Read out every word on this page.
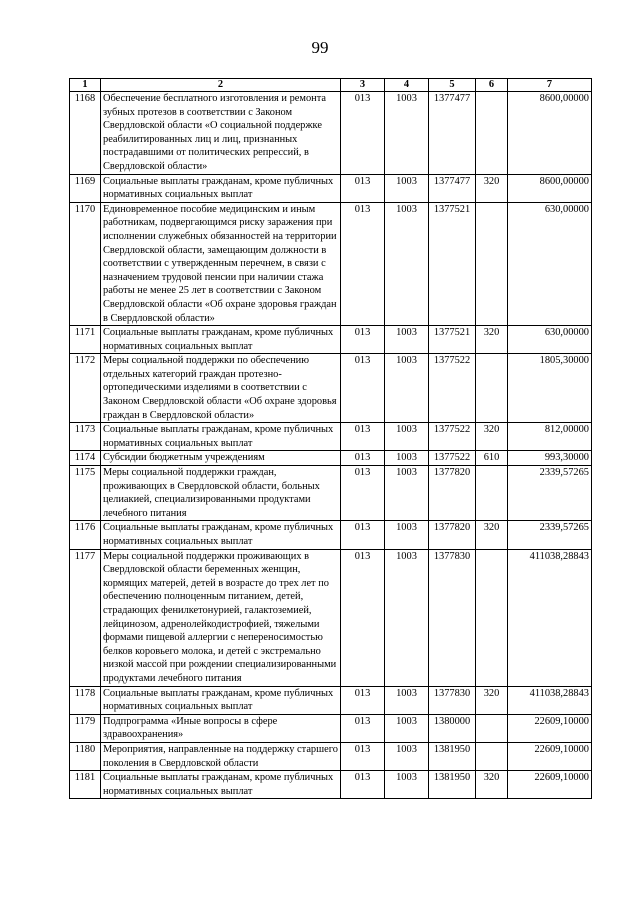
99
1	2	3	4	5	6	7
1168	Обеспечение бесплатного изготовления и ремонта зубных протезов в соответствии с Законом Свердловской области «О социальной поддержке реабилитированных лиц и лиц, признанных пострадавшими от политических репрессий, в Свердловской области»	013	1003	1377477		8600,00000
1169	Социальные выплаты гражданам, кроме публичных нормативных социальных выплат	013	1003	1377477	320	8600,00000
1170	Единовременное пособие медицинским и иным работникам, подвергающимся риску заражения при исполнении служебных обязанностей на территории Свердловской области, замещающим должности в соответствии с утвержденным перечнем, в связи с назначением трудовой пенсии при наличии стажа работы не менее 25 лет в соответствии с Законом Свердловской области «Об охране здоровья граждан в Свердловской области»	013	1003	1377521		630,00000
1171	Социальные выплаты гражданам, кроме публичных нормативных социальных выплат	013	1003	1377521	320	630,00000
1172	Меры социальной поддержки по обеспечению отдельных категорий граждан протезно-ортопедическими изделиями в соответствии с Законом Свердловской области «Об охране здоровья граждан в Свердловской области»	013	1003	1377522		1805,30000
1173	Социальные выплаты гражданам, кроме публичных нормативных социальных выплат	013	1003	1377522	320	812,00000
1174	Субсидии бюджетным учреждениям	013	1003	1377522	610	993,30000
1175	Меры социальной поддержки граждан, проживающих в Свердловской области, больных целиакией, специализированными продуктами лечебного питания	013	1003	1377820		2339,57265
1176	Социальные выплаты гражданам, кроме публичных нормативных социальных выплат	013	1003	1377820	320	2339,57265
1177	Меры социальной поддержки проживающих в Свердловской области беременных женщин, кормящих матерей, детей в возрасте до трех лет по обеспечению полноценным питанием, детей, страдающих фенилкетонурией, галактоземией, лейцинозом, адренолейкодистрофией, тяжелыми формами пищевой аллергии с непереносимостью белков коровьего молока, и детей с экстремально низкой массой при рождении специализированными продуктами лечебного питания	013	1003	1377830		411038,28843
1178	Социальные выплаты гражданам, кроме публичных нормативных социальных выплат	013	1003	1377830	320	411038,28843
1179	Подпрограмма «Иные вопросы в сфере здравоохранения»	013	1003	1380000		22609,10000
1180	Мероприятия, направленные на поддержку старшего поколения в Свердловской области	013	1003	1381950		22609,10000
1181	Социальные выплаты гражданам, кроме публичных нормативных социальных выплат	013	1003	1381950	320	22609,10000
